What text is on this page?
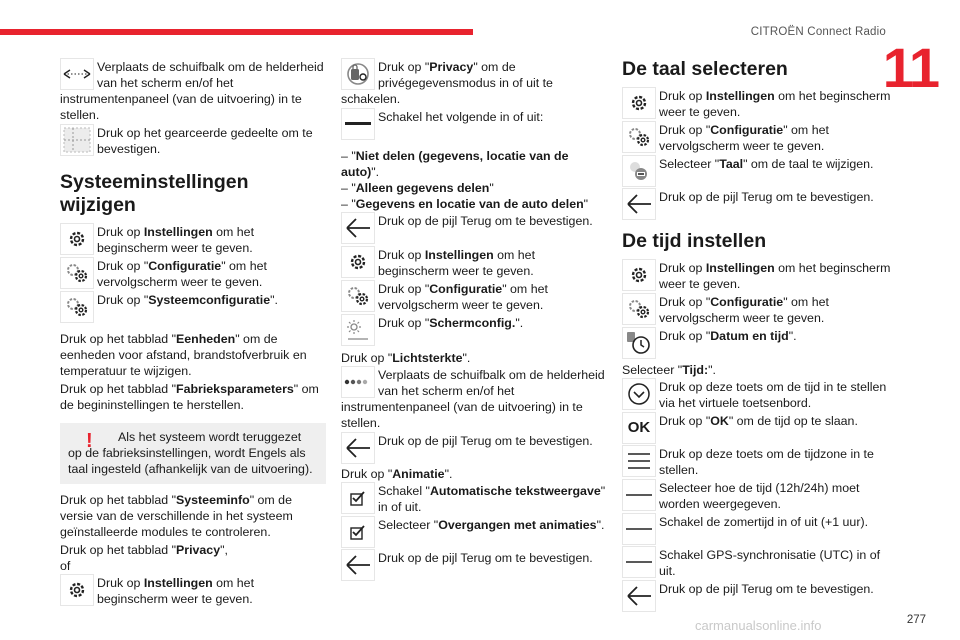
CITROËN Connect Radio
11
Verplaats de schuifbalk om de helderheid van het scherm en/of het instrumentenpaneel (van de uitvoering) in te stellen.
Druk op het gearceerde gedeelte om te bevestigen.
Systeeminstellingen wijzigen
Druk op Instellingen om het beginscherm weer te geven.
Druk op "Configuratie" om het vervolgscherm weer te geven.
Druk op "Systeemconfiguratie".
Druk op het tabblad "Eenheden" om de eenheden voor afstand, brandstofverbruik en temperatuur te wijzigen.
Druk op het tabblad "Fabrieksparameters" om de begininstellingen te herstellen.
!	Als het systeem wordt teruggezet op de fabrieksinstellingen, wordt Engels als taal ingesteld (afhankelijk van de uitvoering).
Druk op het tabblad "Systeeminfo" om de versie van de verschillende in het systeem geïnstalleerde modules te controleren.
Druk op het tabblad "Privacy",
of
Druk op Instellingen om het beginscherm weer te geven.
Druk op "Privacy" om de privégegevensmodus in of uit te schakelen.
Schakel het volgende in of uit:
– "Niet delen (gegevens, locatie van de auto)".
– "Alleen gegevens delen"
– "Gegevens en locatie van de auto delen"
Druk op de pijl Terug om te bevestigen.
Druk op Instellingen om het beginscherm weer te geven.
Druk op "Configuratie" om het vervolgscherm weer te geven.
Druk op "Schermconfig.".
Druk op "Lichtsterkte".
Verplaats de schuifbalk om de helderheid van het scherm en/of het instrumentenpaneel (van de uitvoering) in te stellen.
Druk op de pijl Terug om te bevestigen.
Druk op "Animatie".
Schakel "Automatische tekstweergave" in of uit.
Selecteer "Overgangen met animaties".
Druk op de pijl Terug om te bevestigen.
De taal selecteren
Druk op Instellingen om het beginscherm weer te geven.
Druk op "Configuratie" om het vervolgscherm weer te geven.
Selecteer "Taal" om de taal te wijzigen.
Druk op de pijl Terug om te bevestigen.
De tijd instellen
Druk op Instellingen om het beginscherm weer te geven.
Druk op "Configuratie" om het vervolgscherm weer te geven.
Druk op "Datum en tijd".
Selecteer "Tijd:".
Druk op deze toets om de tijd in te stellen via het virtuele toetsenbord.
OK Druk op "OK" om de tijd op te slaan.
Druk op deze toets om de tijdzone in te stellen.
Selecteer hoe de tijd (12h/24h) moet worden weergegeven.
Schakel de zomertijd in of uit (+1 uur).
Schakel GPS-synchronisatie (UTC) in of uit.
Druk op de pijl Terug om te bevestigen.
carmanualsonline.info	277
